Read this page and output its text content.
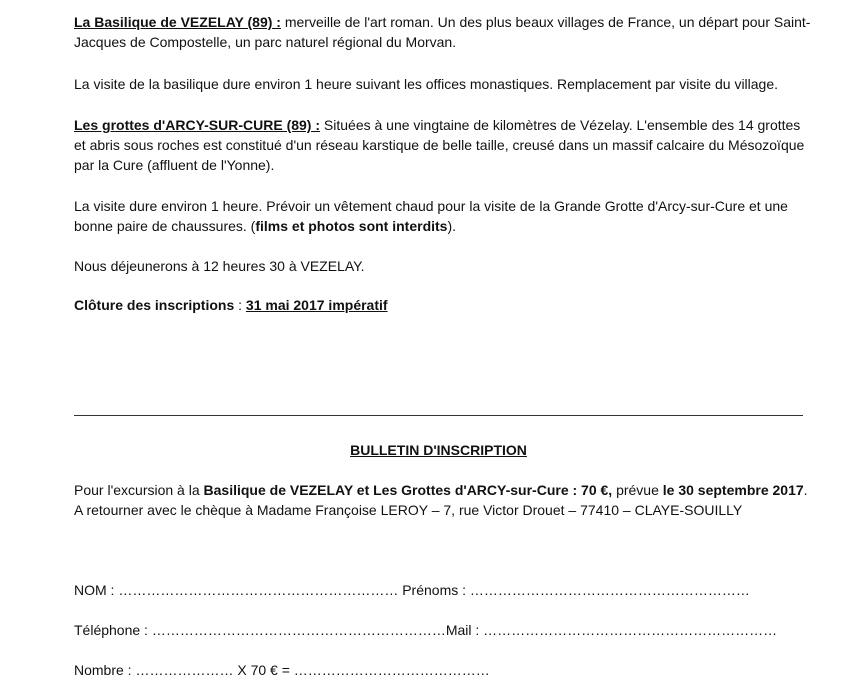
La Basilique de VEZELAY (89) : merveille de l'art roman. Un des plus beaux villages de France, un départ pour Saint-Jacques de Compostelle, un parc naturel régional du Morvan.

La visite de la basilique dure environ 1 heure suivant les offices monastiques. Remplacement par visite du village.

Les grottes d'ARCY-SUR-CURE (89) : Situées à une vingtaine de kilomètres de Vézelay. L'ensemble des 14 grottes et abris sous roches est constitué d'un réseau karstique de belle taille, creusé dans un massif calcaire du Mésozoïque par la Cure (affluent de l'Yonne).

La visite dure environ 1 heure. Prévoir un vêtement chaud pour la visite de la Grande Grotte d'Arcy-sur-Cure et une bonne paire de chaussures. (films et photos sont interdits).

Nous déjeunerons à 12 heures 30 à VEZELAY.

Clôture des inscriptions : 31 mai 2017 impératif

BULLETIN D'INSCRIPTION

Pour l'excursion à la Basilique de VEZELAY et Les Grottes d'ARCY-sur-Cure : 70 €, prévue le 30 septembre 2017. A retourner avec le chèque à Madame Françoise LEROY – 7, rue Victor Drouet – 77410 – CLAYE-SOUILLY

NOM : …………………………………………………… Prénoms : ……………………………………………………
Téléphone : ………………………………………………………Mail : ………………………………………………………
Nombre : ………………… X 70 € = ……………………………………
